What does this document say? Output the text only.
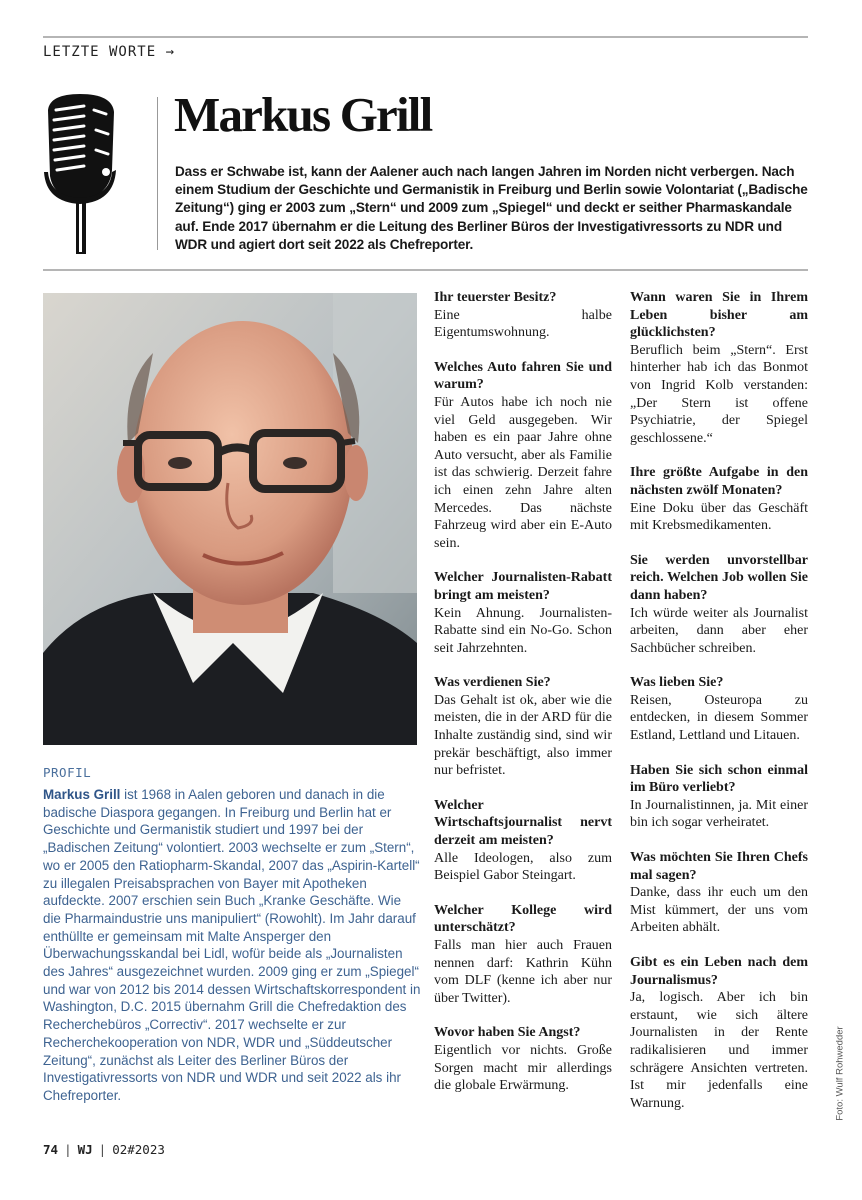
LETZTE WORTE →
Markus Grill

Dass er Schwabe ist, kann der Aalener auch nach langen Jahren im Norden nicht verbergen. Nach einem Studium der Geschichte und Germanistik in Freiburg und Berlin sowie Volontariat („Badische Zeitung“) ging er 2003 zum „Stern“ und 2009 zum „Spiegel“ und deckt er seither Pharmaskandale auf. Ende 2017 übernahm er die Leitung des Berliner Büros der Investigativressorts zu NDR und WDR und agiert dort seit 2022 als Chefreporter.

PROFIL

Markus Grill ist 1968 in Aalen geboren und danach in die badische Diaspora gegangen. In Freiburg und Berlin hat er Geschichte und Germanistik studiert und 1997 bei der „Badischen Zeitung“ volontiert. 2003 wechselte er zum „Stern“, wo er 2005 den Ratiopharm-Skandal, 2007 das „Aspirin-Kartell“ zu illegalen Preisabsprachen von Bayer mit Apotheken aufdeckte. 2007 erschien sein Buch „Kranke Geschäfte. Wie die Pharmaindustrie uns manipuliert“ (Rowohlt). Im Jahr darauf enthüllte er gemeinsam mit Malte Ansperger den Überwachungsskandal bei Lidl, wofür beide als „Journalisten des Jahres“ ausgezeichnet wurden. 2009 ging er zum „Spiegel“ und war von 2012 bis 2014 dessen Wirtschaftskorrespondent in Washington, D.C. 2015 übernahm Grill die Chefredaktion des Recherchebüros „Correctiv“. 2017 wechselte er zur Recherchekooperation von NDR, WDR und „Süddeutscher Zeitung“, zunächst als Leiter des Berliner Büros der Investigativressorts von NDR und WDR und seit 2022 als ihr Chefreporter.

Ihr teuerster Besitz?
Eine halbe Eigentumswohnung.
Welches Auto fahren Sie und warum?
Für Autos habe ich noch nie viel Geld ausgegeben. Wir haben es ein paar Jahre ohne Auto versucht, aber als Familie ist das schwierig. Derzeit fahre ich einen zehn Jahre alten Mercedes. Das nächste Fahrzeug wird aber ein E-Auto sein.
Welcher Journalisten-Rabatt bringt am meisten?
Kein Ahnung. Journalisten-Rabatte sind ein No-Go. Schon seit Jahrzehnten.
Was verdienen Sie?
Das Gehalt ist ok, aber wie die meisten, die in der ARD für die Inhalte zuständig sind, sind wir prekär beschäftigt, also immer nur befristet.
Welcher Wirtschaftsjournalist nervt derzeit am meisten?
Alle Ideologen, also zum Beispiel Gabor Steingart.
Welcher Kollege wird unterschätzt?
Falls man hier auch Frauen nennen darf: Kathrin Kühn vom DLF (kenne ich aber nur über Twitter).
Wovor haben Sie Angst?
Eigentlich vor nichts. Große Sorgen macht mir allerdings die globale Erwärmung.
Wann waren Sie in Ihrem Leben bisher am glücklichsten?
Beruflich beim „Stern“. Erst hinterher hab ich das Bonmot von Ingrid Kolb verstanden: „Der Stern ist offene Psychiatrie, der Spiegel geschlossene.“
Ihre größte Aufgabe in den nächsten zwölf Monaten?
Eine Doku über das Geschäft mit Krebsmedikamenten.
Sie werden unvorstellbar reich. Welchen Job wollen Sie dann haben?
Ich würde weiter als Journalist arbeiten, dann aber eher Sachbücher schreiben.
Was lieben Sie?
Reisen, Osteuropa zu entdecken, in diesem Sommer Estland, Lettland und Litauen.
Haben Sie sich schon einmal im Büro verliebt?
In Journalistinnen, ja. Mit einer bin ich sogar verheiratet.
Was möchten Sie Ihren Chefs mal sagen?
Danke, dass ihr euch um den Mist kümmert, der uns vom Arbeiten abhält.
Gibt es ein Leben nach dem Journalismus?
Ja, logisch. Aber ich bin erstaunt, wie sich ältere Journalisten in der Rente radikalisieren und immer schrägere Ansichten vertreten. Ist mir jedenfalls eine Warnung.	Foto: Wulf Rohwedder
74 | WJ | 02#2023
